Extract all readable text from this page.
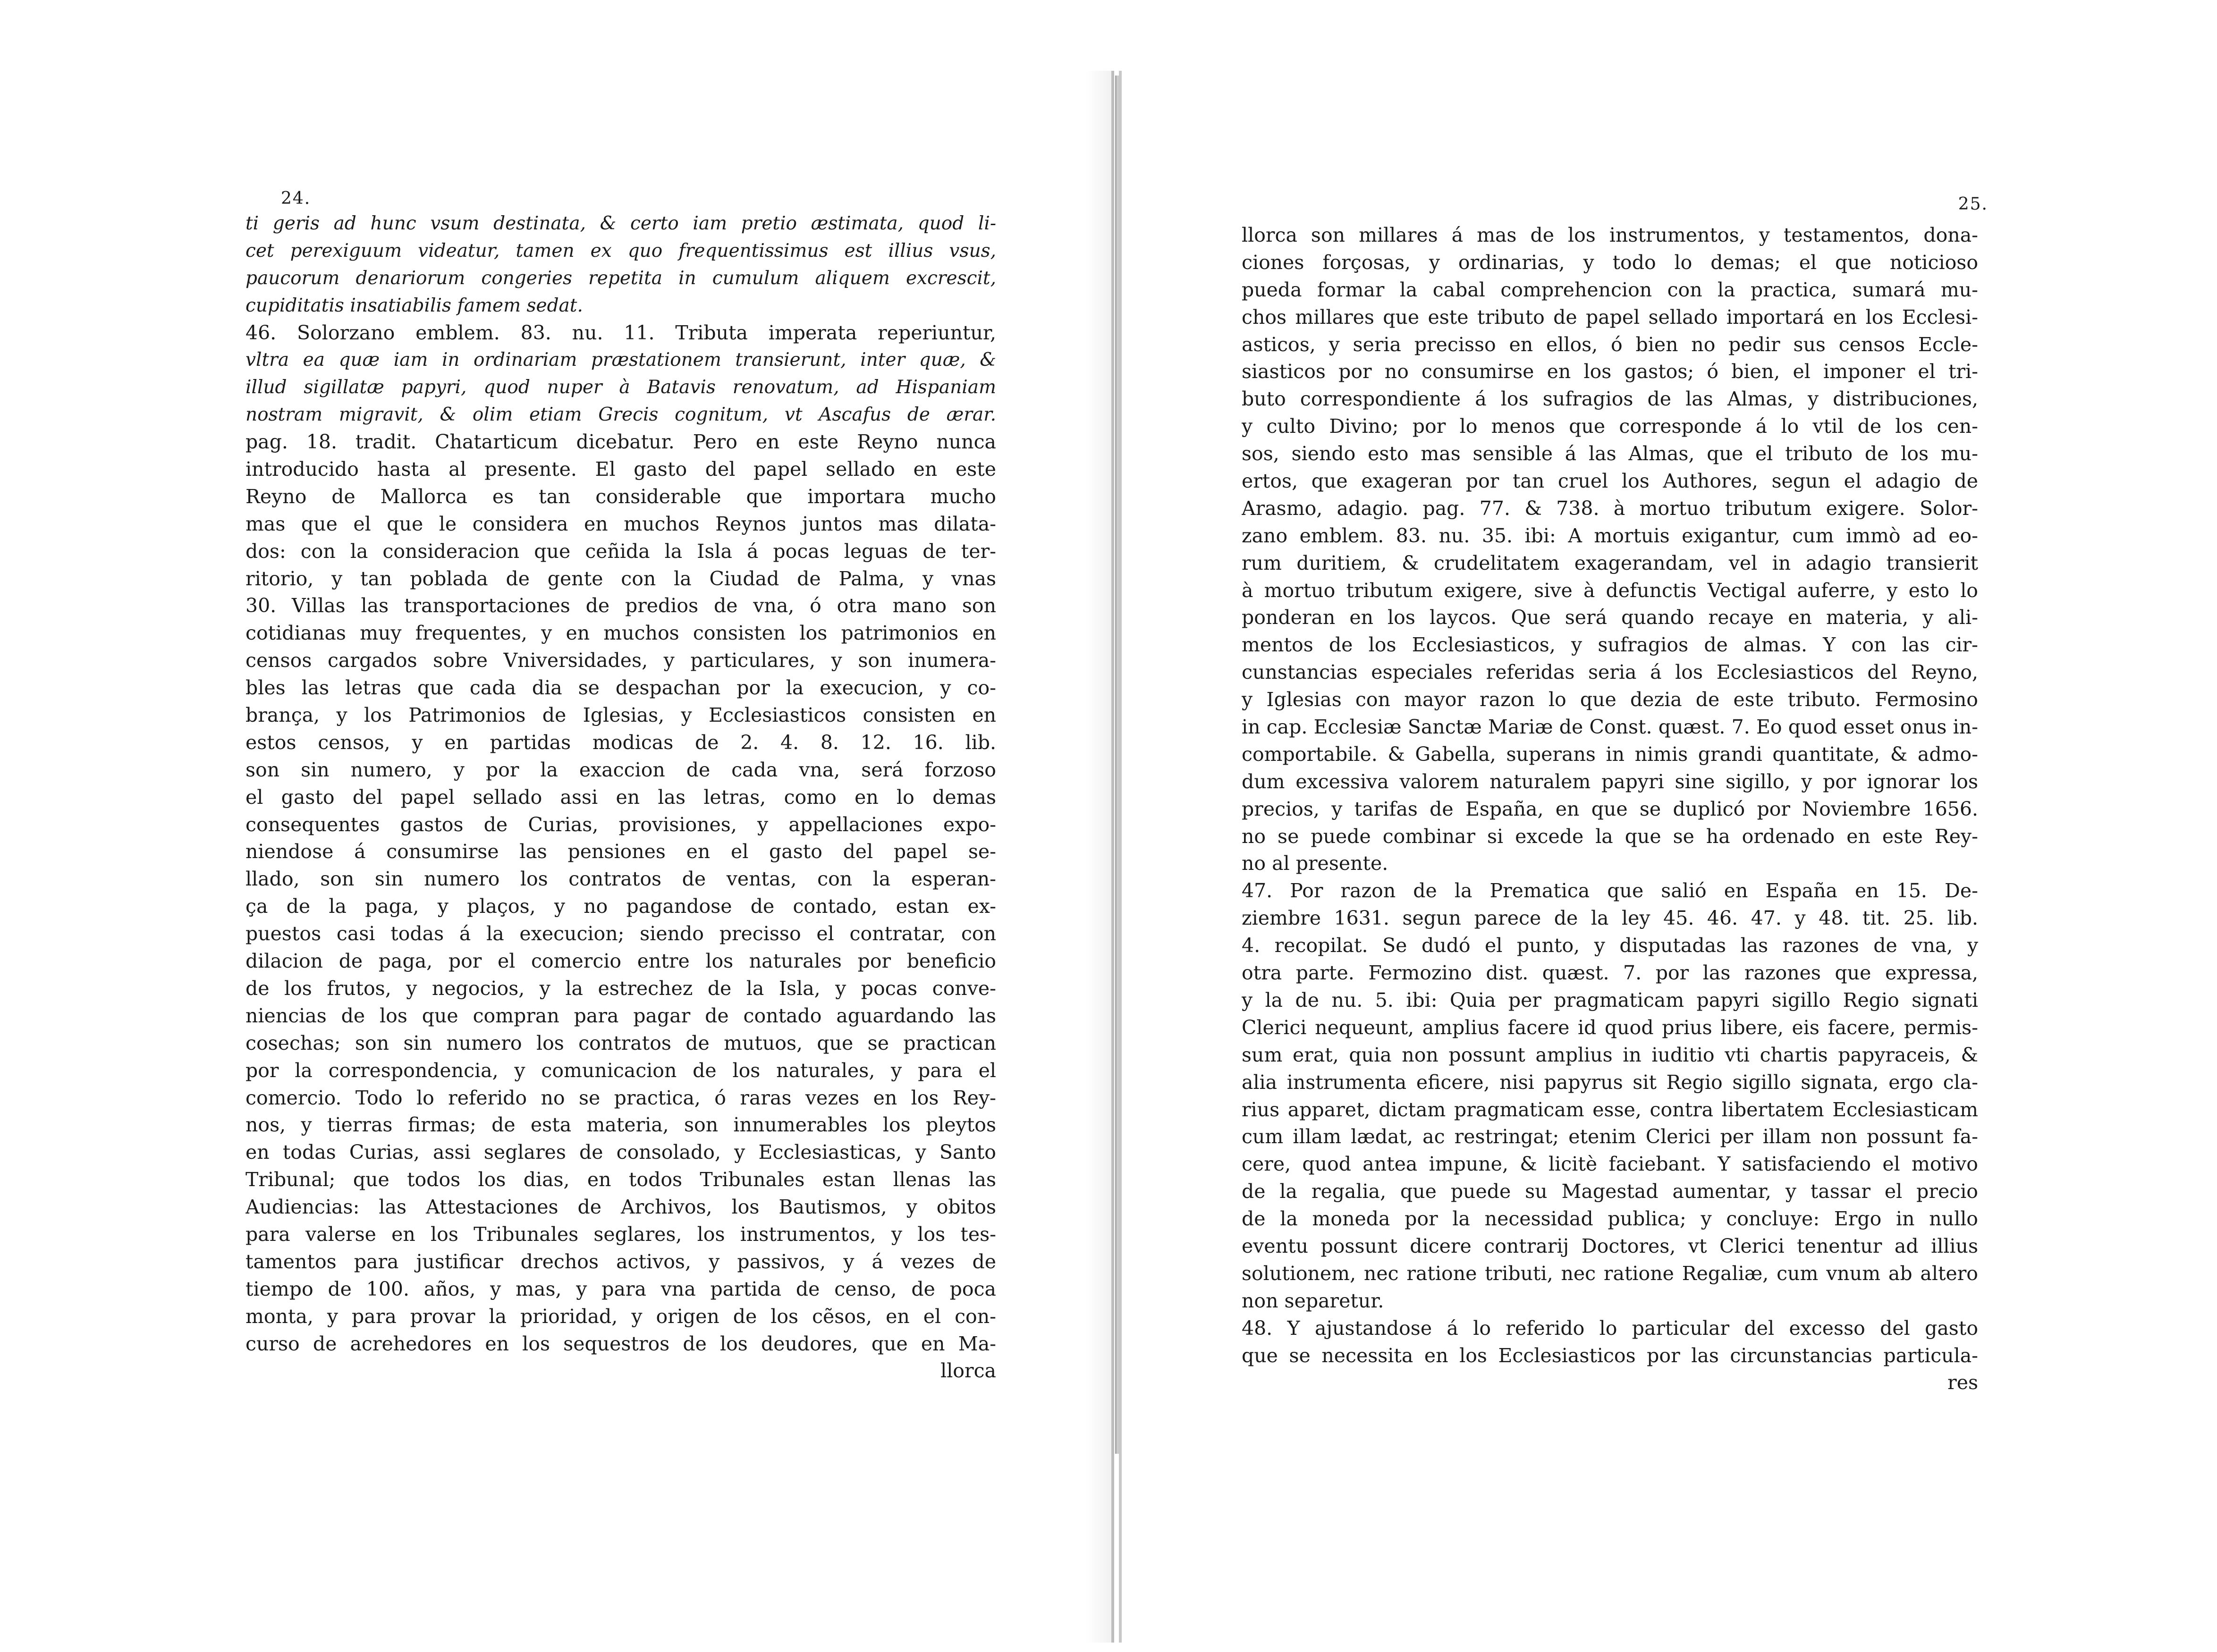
24.
ti geris ad hunc vsum destinata, & certo iam pretio æstimata, quod li-
cet perexiguum videatur, tamen ex quo frequentissimus est illius vsus,
paucorum denariorum congeries repetita in cumulum aliquem excrescit,
cupiditatis insatiabilis famem sedat.
46. Solorzano emblem. 83. nu. 11. Tributa imperata reperiuntur,
vltra ea quæ iam in ordinariam præstationem transierunt, inter quæ, &
illud sigillatæ papyri, quod nuper à Batavis renovatum, ad Hispaniam
nostram migravit, & olim etiam Grecis cognitum, vt Ascafus de ærar.
pag. 18. tradit. Chatarticum dicebatur. Pero en este Reyno nunca
introducido hasta al presente. El gasto del papel sellado en este
Reyno de Mallorca es tan considerable que importara mucho
mas que el que le considera en muchos Reynos juntos mas dilata-
dos: con la consideracion que ceñida la Isla á pocas leguas de ter-
ritorio, y tan poblada de gente con la Ciudad de Palma, y vnas
30. Villas las transportaciones de predios de vna, ó otra mano son
cotidianas muy frequentes, y en muchos consisten los patrimonios en
censos cargados sobre Vniversidades, y particulares, y son inumera-
bles las letras que cada dia se despachan por la execucion, y co-
brança, y los Patrimonios de Iglesias, y Ecclesiasticos consisten en
estos censos, y en partidas modicas de 2. 4. 8. 12. 16. lib.
son sin numero, y por la exaccion de cada vna, será forzoso
el gasto del papel sellado assi en las letras, como en lo demas
consequentes gastos de Curias, provisiones, y appellaciones expo-
niendose á consumirse las pensiones en el gasto del papel se-
llado, son sin numero los contratos de ventas, con la esperan-
ça de la paga, y plaços, y no pagandose de contado, estan ex-
puestos casi todas á la execucion; siendo precisso el contratar, con
dilacion de paga, por el comercio entre los naturales por beneficio
de los frutos, y negocios, y la estrechez de la Isla, y pocas conve-
niencias de los que compran para pagar de contado aguardando las
cosechas; son sin numero los contratos de mutuos, que se practican
por la correspondencia, y comunicacion de los naturales, y para el
comercio. Todo lo referido no se practica, ó raras vezes en los Rey-
nos, y tierras firmas; de esta materia, son innumerables los pleytos
en todas Curias, assi seglares de consolado, y Ecclesiasticas, y Santo
Tribunal; que todos los dias, en todos Tribunales estan llenas las
Audiencias: las Attestaciones de Archivos, los Bautismos, y obitos
para valerse en los Tribunales seglares, los instrumentos, y los tes-
tamentos para justificar drechos activos, y passivos, y á vezes de
tiempo de 100. años, y mas, y para vna partida de censo, de poca
monta, y para provar la prioridad, y origen de los cẽsos, en el con-
curso de acrehedores en los sequestros de los deudores, que en Ma-
llorca
25.
llorca son millares á mas de los instrumentos, y testamentos, dona-
ciones forçosas, y ordinarias, y todo lo demas; el que noticioso
pueda formar la cabal comprehencion con la practica, sumará mu-
chos millares que este tributo de papel sellado importará en los Ecclesi-
asticos, y seria precisso en ellos, ó bien no pedir sus censos Eccle-
siasticos por no consumirse en los gastos; ó bien, el imponer el tri-
buto correspondiente á los sufragios de las Almas, y distribuciones,
y culto Divino; por lo menos que corresponde á lo vtil de los cen-
sos, siendo esto mas sensible á las Almas, que el tributo de los mu-
ertos, que exageran por tan cruel los Authores, segun el adagio de
Arasmo, adagio. pag. 77. & 738. à mortuo tributum exigere. Solor-
zano emblem. 83. nu. 35. ibi: A mortuis exigantur, cum immò ad eo-
rum duritiem, & crudelitatem exagerandam, vel in adagio transierit
à mortuo tributum exigere, sive à defunctis Vectigal auferre, y esto lo
ponderan en los laycos. Que será quando recaye en materia, y ali-
mentos de los Ecclesiasticos, y sufragios de almas. Y con las cir-
cunstancias especiales referidas seria á los Ecclesiasticos del Reyno,
y Iglesias con mayor razon lo que dezia de este tributo. Fermosino
in cap. Ecclesiæ Sanctæ Mariæ de Const. quæst. 7. Eo quod esset onus in-
comportabile. & Gabella, superans in nimis grandi quantitate, & admo-
dum excessiva valorem naturalem papyri sine sigillo, y por ignorar los
precios, y tarifas de España, en que se duplicó por Noviembre 1656.
no se puede combinar si excede la que se ha ordenado en este Rey-
no al presente.
47. Por razon de la Prematica que salió en España en 15. De-
ziembre 1631. segun parece de la ley 45. 46. 47. y 48. tit. 25. lib.
4. recopilat. Se dudó el punto, y disputadas las razones de vna, y
otra parte. Fermozino dist. quæst. 7. por las razones que expressa,
y la de nu. 5. ibi: Quia per pragmaticam papyri sigillo Regio signati
Clerici nequeunt, amplius facere id quod prius libere, eis facere, permis-
sum erat, quia non possunt amplius in iuditio vti chartis papyraceis, &
alia instrumenta eficere, nisi papyrus sit Regio sigillo signata, ergo cla-
rius apparet, dictam pragmaticam esse, contra libertatem Ecclesiasticam
cum illam lædat, ac restringat; etenim Clerici per illam non possunt fa-
cere, quod antea impune, & licitè faciebant. Y satisfaciendo el motivo
de la regalia, que puede su Magestad aumentar, y tassar el precio
de la moneda por la necessidad publica; y concluye: Ergo in nullo
eventu possunt dicere contrarij Doctores, vt Clerici tenentur ad illius
solutionem, nec ratione tributi, nec ratione Regaliæ, cum vnum ab altero
non separetur.
48. Y ajustandose á lo referido lo particular del excesso del gasto
que se necessita en los Ecclesiasticos por las circunstancias particula-
res
